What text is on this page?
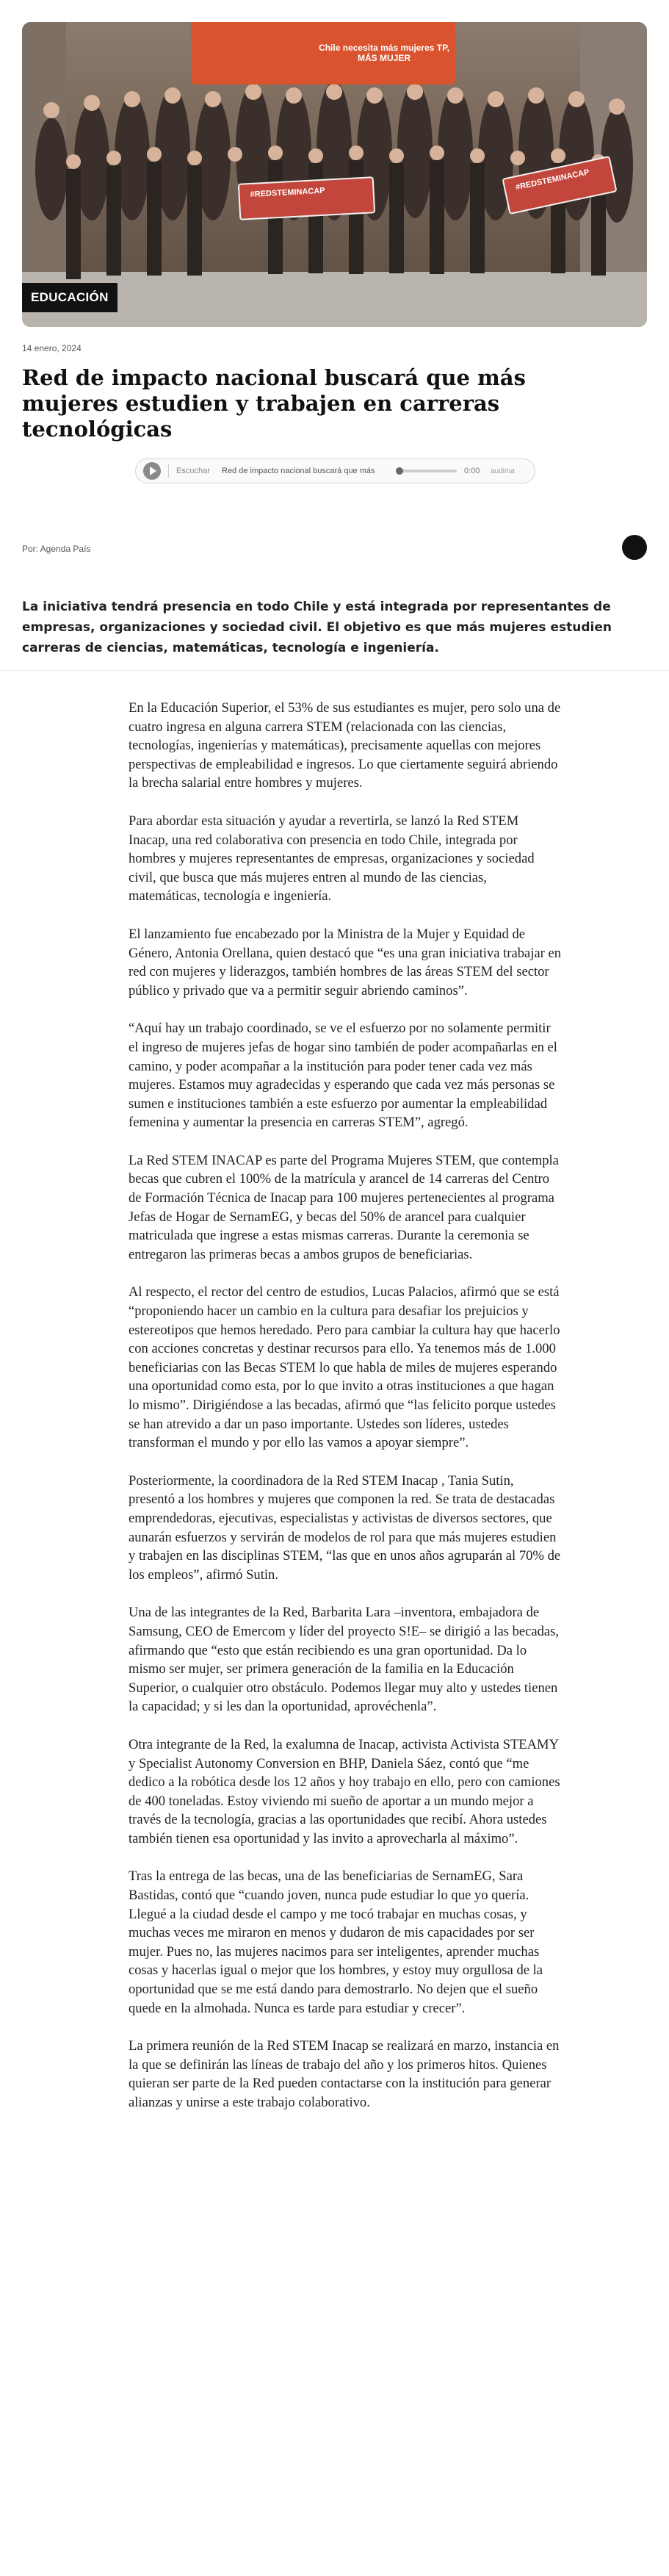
Chile necesita más mujeres TP, MÁS MUJER
#REDSTEMINACAP
#REDSTEMINACAP
EDUCACIÓN
14 enero, 2024
Red de impacto nacional buscará que más mujeres estudien y trabajen en carreras tecnológicas
Escuchar	Red de impacto nacional buscará que más	0:00	audima
Por: Agenda País

La iniciativa tendrá presencia en todo Chile y está integrada por representantes de empresas, organizaciones y sociedad civil. El objetivo es que más mujeres estudien carreras de ciencias, matemáticas, tecnología e ingeniería.

En la Educación Superior, el 53% de sus estudiantes es mujer, pero solo una de cuatro ingresa en alguna carrera STEM (relacionada con las ciencias, tecnologías, ingenierías y matemáticas), precisamente aquellas con mejores perspectivas de empleabilidad e ingresos. Lo que ciertamente seguirá abriendo la brecha salarial entre hombres y mujeres.

Para abordar esta situación y ayudar a revertirla, se lanzó la Red STEM Inacap, una red colaborativa con presencia en todo Chile, integrada por hombres y mujeres representantes de empresas, organizaciones y sociedad civil, que busca que más mujeres entren al mundo de las ciencias, matemáticas, tecnología e ingeniería.

El lanzamiento fue encabezado por la Ministra de la Mujer y Equidad de Género, Antonia Orellana, quien destacó que “es una gran iniciativa trabajar en red con mujeres y liderazgos, también hombres de las áreas STEM del sector público y privado que va a permitir seguir abriendo caminos”.

“Aquí hay un trabajo coordinado, se ve el esfuerzo por no solamente permitir el ingreso de mujeres jefas de hogar sino también de poder acompañarlas en el camino, y poder acompañar a la institución para poder tener cada vez más mujeres. Estamos muy agradecidas y esperando que cada vez más personas se sumen e instituciones también a este esfuerzo por aumentar la empleabilidad femenina y aumentar la presencia en carreras STEM”, agregó.

La Red STEM INACAP es parte del Programa Mujeres STEM, que contempla becas que cubren el 100% de la matrícula y arancel de 14 carreras del Centro de Formación Técnica de Inacap para 100 mujeres pertenecientes al programa Jefas de Hogar de SernamEG, y becas del 50% de arancel para cualquier matriculada que ingrese a estas mismas carreras. Durante la ceremonia se entregaron las primeras becas a ambos grupos de beneficiarias.

Al respecto, el rector del centro de estudios, Lucas Palacios, afirmó que se está “proponiendo hacer un cambio en la cultura para desafiar los prejuicios y estereotipos que hemos heredado. Pero para cambiar la cultura hay que hacerlo con acciones concretas y destinar recursos para ello. Ya tenemos más de 1.000 beneficiarias con las Becas STEM lo que habla de miles de mujeres esperando una oportunidad como esta, por lo que invito a otras instituciones a que hagan lo mismo”. Dirigiéndose a las becadas, afirmó que “las felicito porque ustedes se han atrevido a dar un paso importante. Ustedes son líderes, ustedes transforman el mundo y por ello las vamos a apoyar siempre”.

Posteriormente, la coordinadora de la Red STEM Inacap , Tania Sutin, presentó a los hombres y mujeres que componen la red. Se trata de destacadas emprendedoras, ejecutivas, especialistas y activistas de diversos sectores, que aunarán esfuerzos y servirán de modelos de rol para que más mujeres estudien y trabajen en las disciplinas STEM, “las que en unos años agruparán al 70% de los empleos”, afirmó Sutin.

Una de las integrantes de la Red, Barbarita Lara –inventora, embajadora de Samsung, CEO de Emercom y líder del proyecto S!E– se dirigió a las becadas, afirmando que “esto que están recibiendo es una gran oportunidad. Da lo mismo ser mujer, ser primera generación de la familia en la Educación Superior, o cualquier otro obstáculo. Podemos llegar muy alto y ustedes tienen la capacidad; y si les dan la oportunidad, aprovéchenla”.

Otra integrante de la Red, la exalumna de Inacap, activista Activista STEAMY y Specialist Autonomy Conversion en BHP, Daniela Sáez, contó que “me dedico a la robótica desde los 12 años y hoy trabajo en ello, pero con camiones de 400 toneladas. Estoy viviendo mi sueño de aportar a un mundo mejor a través de la tecnología, gracias a las oportunidades que recibí. Ahora ustedes también tienen esa oportunidad y las invito a aprovecharla al máximo”.

Tras la entrega de las becas, una de las beneficiarias de SernamEG, Sara Bastidas, contó que “cuando joven, nunca pude estudiar lo que yo quería. Llegué a la ciudad desde el campo y me tocó trabajar en muchas cosas, y muchas veces me miraron en menos y dudaron de mis capacidades por ser mujer. Pues no, las mujeres nacimos para ser inteligentes, aprender muchas cosas y hacerlas igual o mejor que los hombres, y estoy muy orgullosa de la oportunidad que se me está dando para demostrarlo. No dejen que el sueño quede en la almohada. Nunca es tarde para estudiar y crecer”.

La primera reunión de la Red STEM Inacap se realizará en marzo, instancia en la que se definirán las líneas de trabajo del año y los primeros hitos. Quienes quieran ser parte de la Red pueden contactarse con la institución para generar alianzas y unirse a este trabajo colaborativo.
